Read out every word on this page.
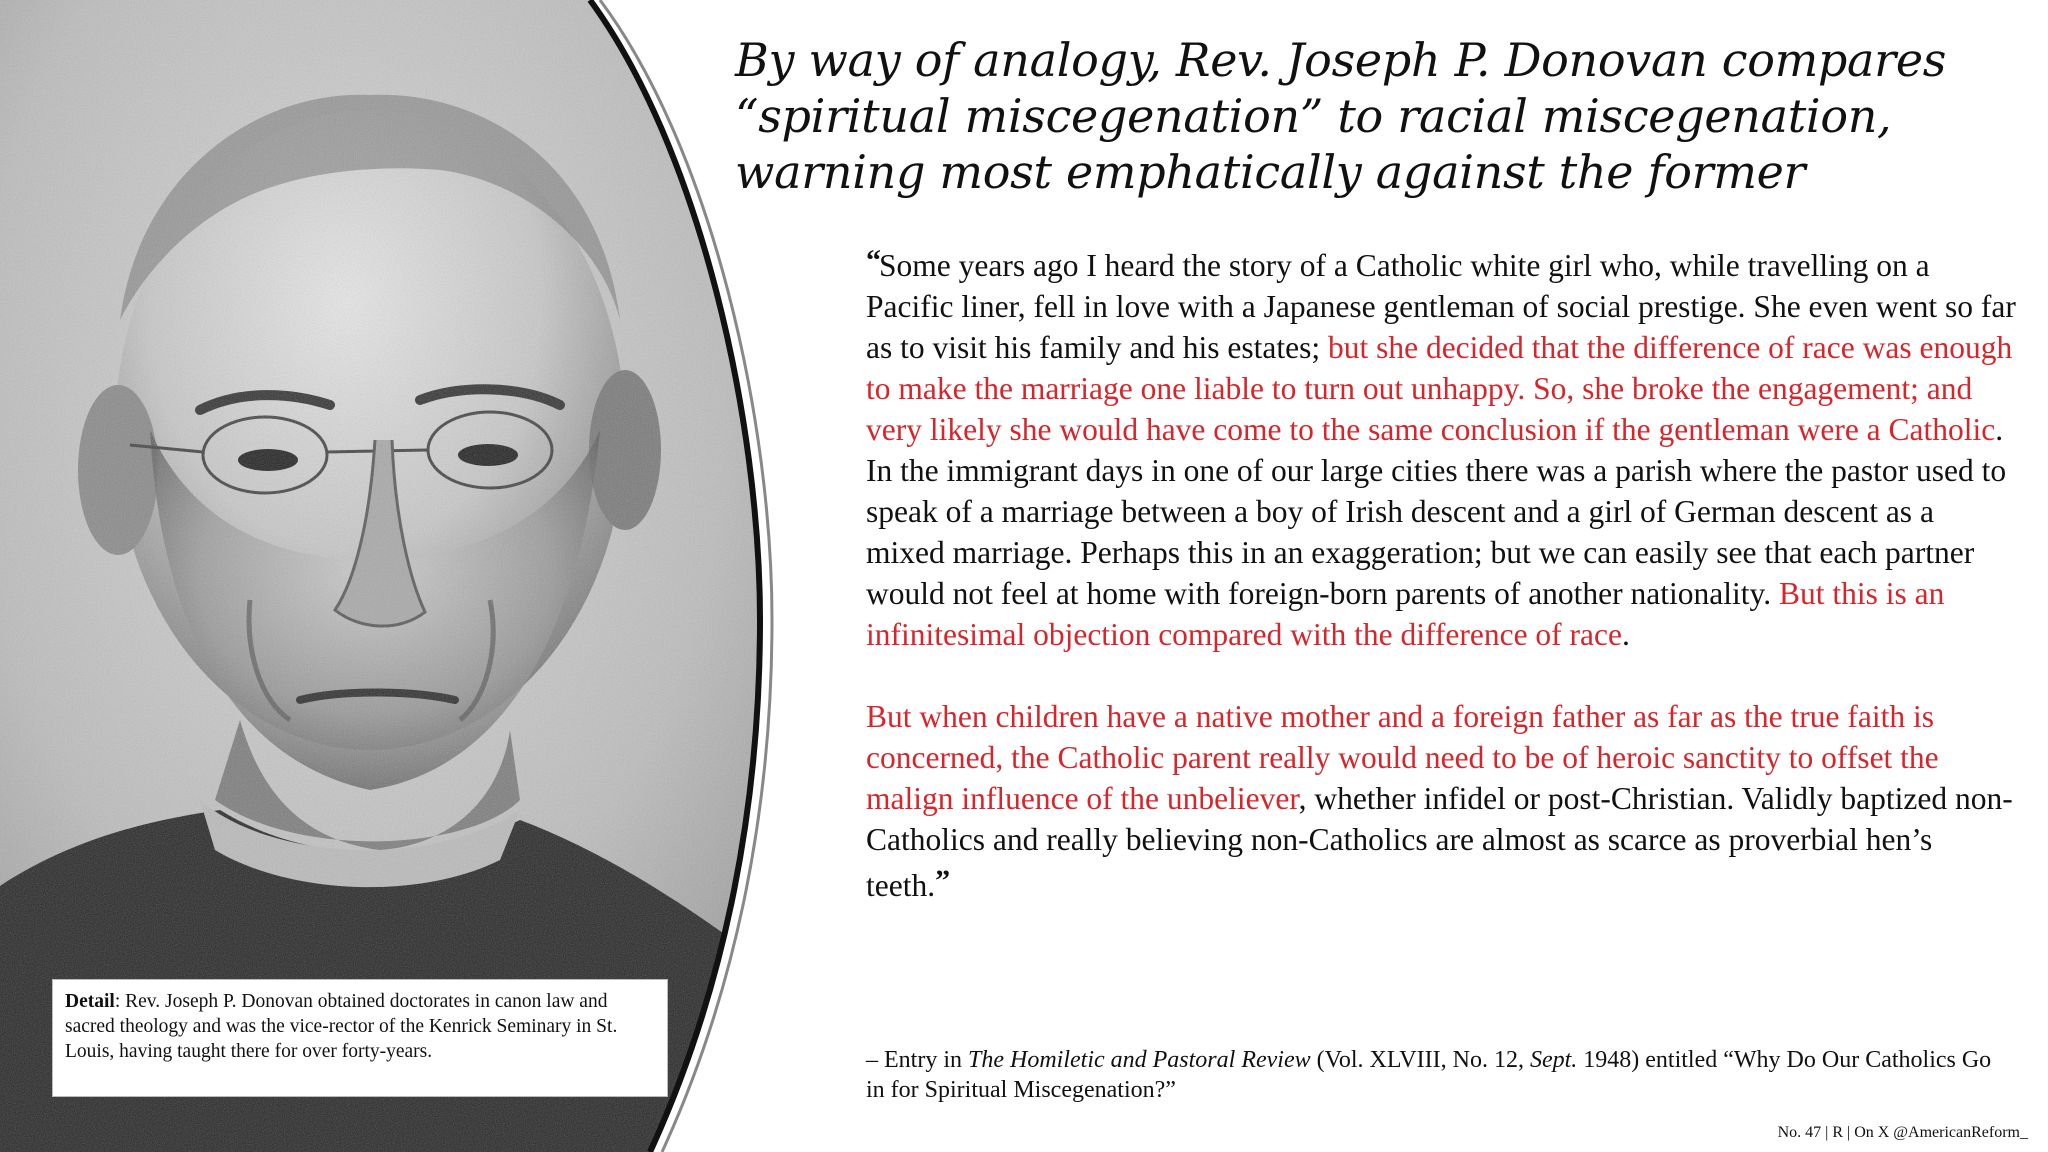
Detail: Rev. Joseph P. Donovan obtained doctorates in canon law and sacred theology and was the vice-rector of the Kenrick Seminary in St. Louis, having taught there for over forty-years.
By way of analogy, Rev. Joseph P. Donovan compares “spiritual miscegenation” to racial miscegenation, warning most emphatically against the former

“Some years ago I heard the story of a Catholic white girl who, while travelling on a Pacific liner, fell in love with a Japanese gentleman of social prestige. She even went so far as to visit his family and his estates; but she decided that the difference of race was enough to make the marriage one liable to turn out unhappy. So, she broke the engagement; and very likely she would have come to the same conclusion if the gentleman were a Catholic. In the immigrant days in one of our large cities there was a parish where the pastor used to speak of a marriage between a boy of Irish descent and a girl of German descent as a mixed marriage. Perhaps this in an exaggeration; but we can easily see that each partner would not feel at home with foreign-born parents of another nationality. But this is an infinitesimal objection compared with the difference of race.

But when children have a native mother and a foreign father as far as the true faith is concerned, the Catholic parent really would need to be of heroic sanctity to offset the malign influence of the unbeliever, whether infidel or post-Christian. Validly baptized non-Catholics and really believing non-Catholics are almost as scarce as proverbial hen’s teeth.”

– Entry in The Homiletic and Pastoral Review (Vol. XLVIII, No. 12, Sept. 1948) entitled “Why Do Our Catholics Go in for Spiritual Miscegenation?”
No. 47 | R | On X @AmericanReform_
